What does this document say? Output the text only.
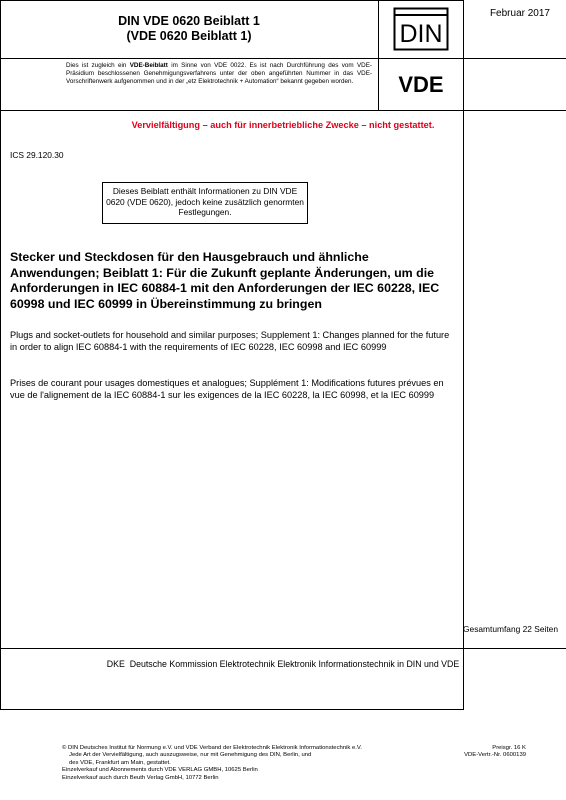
Februar 2017
DIN VDE 0620 Beiblatt 1
(VDE 0620 Beiblatt 1)	DIN
Dies ist zugleich ein VDE-Beiblatt im Sinne von VDE 0022. Es ist nach Durchführung des vom VDE-Präsidium beschlossenen Genehmigungsverfahrens unter der oben angeführten Nummer in das VDE-Vorschriftenwerk aufgenommen und in der „etz Elektrotechnik + Automation“ bekannt gegeben worden.	VDE
Vervielfältigung – auch für innerbetriebliche Zwecke – nicht gestattet.
ICS 29.120.30
Dieses Beiblatt enthält Informationen zu DIN VDE 0620 (VDE 0620), jedoch keine zusätzlich genormten Festlegungen.
Stecker und Steckdosen für den Hausgebrauch und ähnliche Anwendungen; Beiblatt 1: Für die Zukunft geplante Änderungen, um die Anforderungen in IEC 60884-1 mit den Anforderungen der IEC 60228, IEC 60998 und IEC 60999 in Übereinstimmung zu bringen
Plugs and socket-outlets for household and similar purposes; Supplement 1: Changes planned for the future in order to align IEC 60884-1 with the requirements of IEC 60228, IEC 60998 and IEC 60999
Prises de courant pour usages domestiques et analogues; Supplément 1: Modifications futures prévues en vue de l'alignement de la IEC 60884-1 sur les exigences de la IEC 60228, la IEC 60998, et la IEC 60999
Gesamtumfang 22 Seiten
DKE Deutsche Kommission Elektrotechnik Elektronik Informationstechnik in DIN und VDE
© DIN Deutsches Institut für Normung e.V. und VDE Verband der Elektrotechnik Elektronik Informationstechnik e.V.
Jede Art der Vervielfältigung, auch auszugsweise, nur mit Genehmigung des DIN, Berlin, und
des VDE, Frankfurt am Main, gestattet.
Einzelverkauf und Abonnements durch VDE VERLAG GMBH, 10625 Berlin
Einzelverkauf auch durch Beuth Verlag GmbH, 10772 Berlin
Preisgr. 16 K
VDE-Vertr.-Nr. 0600139
